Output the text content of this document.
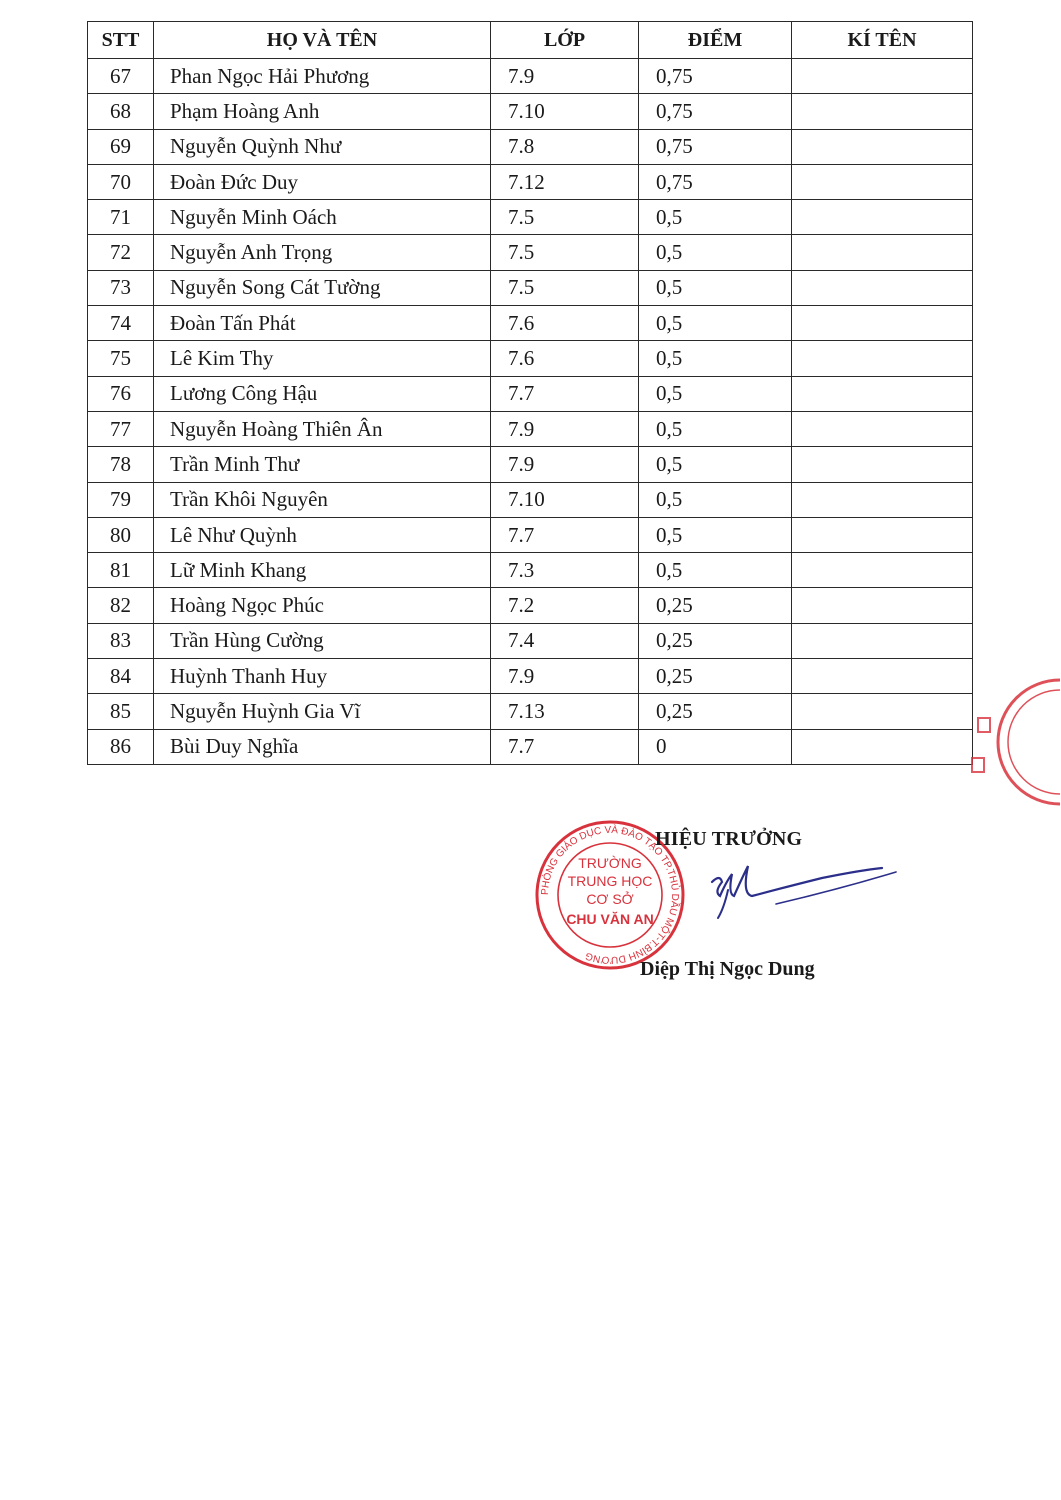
STT	HỌ VÀ TÊN	LỚP	ĐIỂM	KÍ TÊN
67	Phan Ngọc Hải Phương	7.9	0,75	
68	Phạm Hoàng Anh	7.10	0,75	
69	Nguyễn Quỳnh Như	7.8	0,75	
70	Đoàn Đức Duy	7.12	0,75	
71	Nguyễn Minh Oách	7.5	0,5	
72	Nguyễn Anh Trọng	7.5	0,5	
73	Nguyễn Song Cát Tường	7.5	0,5	
74	Đoàn Tấn Phát	7.6	0,5	
75	Lê Kim Thy	7.6	0,5	
76	Lương Công Hậu	7.7	0,5	
77	Nguyễn Hoàng Thiên Ân	7.9	0,5	
78	Trần Minh Thư	7.9	0,5	
79	Trần Khôi Nguyên	7.10	0,5	
80	Lê Như Quỳnh	7.7	0,5	
81	Lữ Minh Khang	7.3	0,5	
82	Hoàng Ngọc Phúc	7.2	0,25	
83	Trần Hùng Cường	7.4	0,25	
84	Huỳnh Thanh Huy	7.9	0,25	
85	Nguyễn Huỳnh Gia Vĩ	7.13	0,25	
86	Bùi Duy Nghĩa	7.7	0	
PHÒNG GIÁO DỤC VÀ ĐÀO TẠO TP.THỦ DẦU MỘT-T.BÌNH DƯƠNG
TRƯỜNG
TRUNG HỌC
CƠ SỞ
CHU VĂN AN
HIỆU TRƯỞNG
Diệp Thị Ngọc Dung
